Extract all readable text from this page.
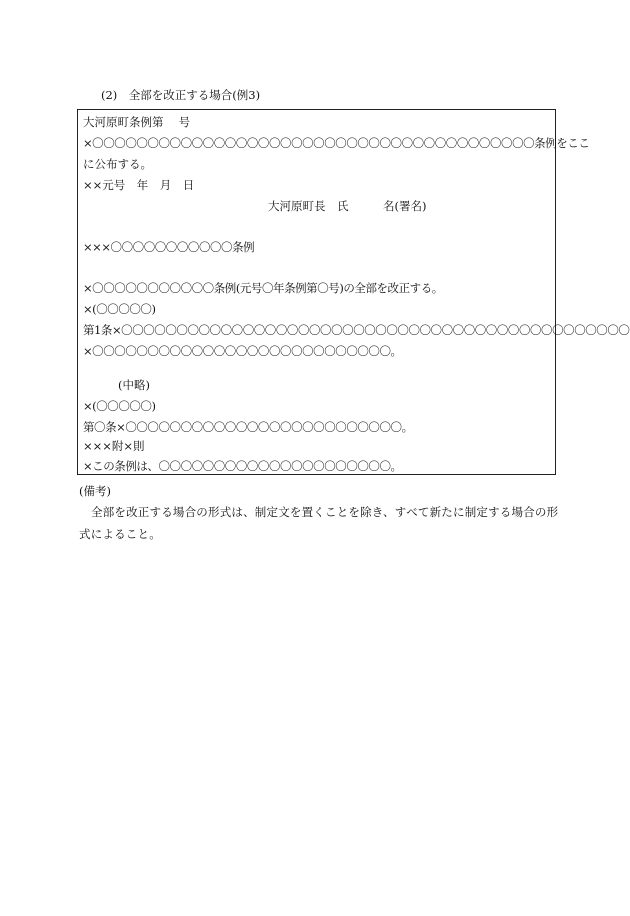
(2)　全部を改正する場合(例3)
大河原町条例第　 号
×〇〇〇〇〇〇〇〇〇〇〇〇〇〇〇〇〇〇〇〇〇〇〇〇〇〇〇〇〇〇〇〇〇〇〇〇〇〇〇〇条例をここ
に公布する。
××元号　年　月　日
大河原町長　氏　　　名(署名)
×××〇〇〇〇〇〇〇〇〇〇〇条例
×〇〇〇〇〇〇〇〇〇〇〇条例(元号〇年条例第〇号)の全部を改正する。
×(〇〇〇〇〇)
第1条×〇〇〇〇〇〇〇〇〇〇〇〇〇〇〇〇〇〇〇〇〇〇〇〇〇〇〇〇〇〇〇〇〇〇〇〇〇〇〇〇〇〇〇〇〇〇
×〇〇〇〇〇〇〇〇〇〇〇〇〇〇〇〇〇〇〇〇〇〇〇〇〇〇〇。
(中略)
×(〇〇〇〇〇)
第〇条×〇〇〇〇〇〇〇〇〇〇〇〇〇〇〇〇〇〇〇〇〇〇〇〇〇。
×××附×則
×この条例は、〇〇〇〇〇〇〇〇〇〇〇〇〇〇〇〇〇〇〇〇〇。
(備考)
全部を改正する場合の形式は、制定文を置くことを除き、すべて新たに制定する場合の形式によること。
